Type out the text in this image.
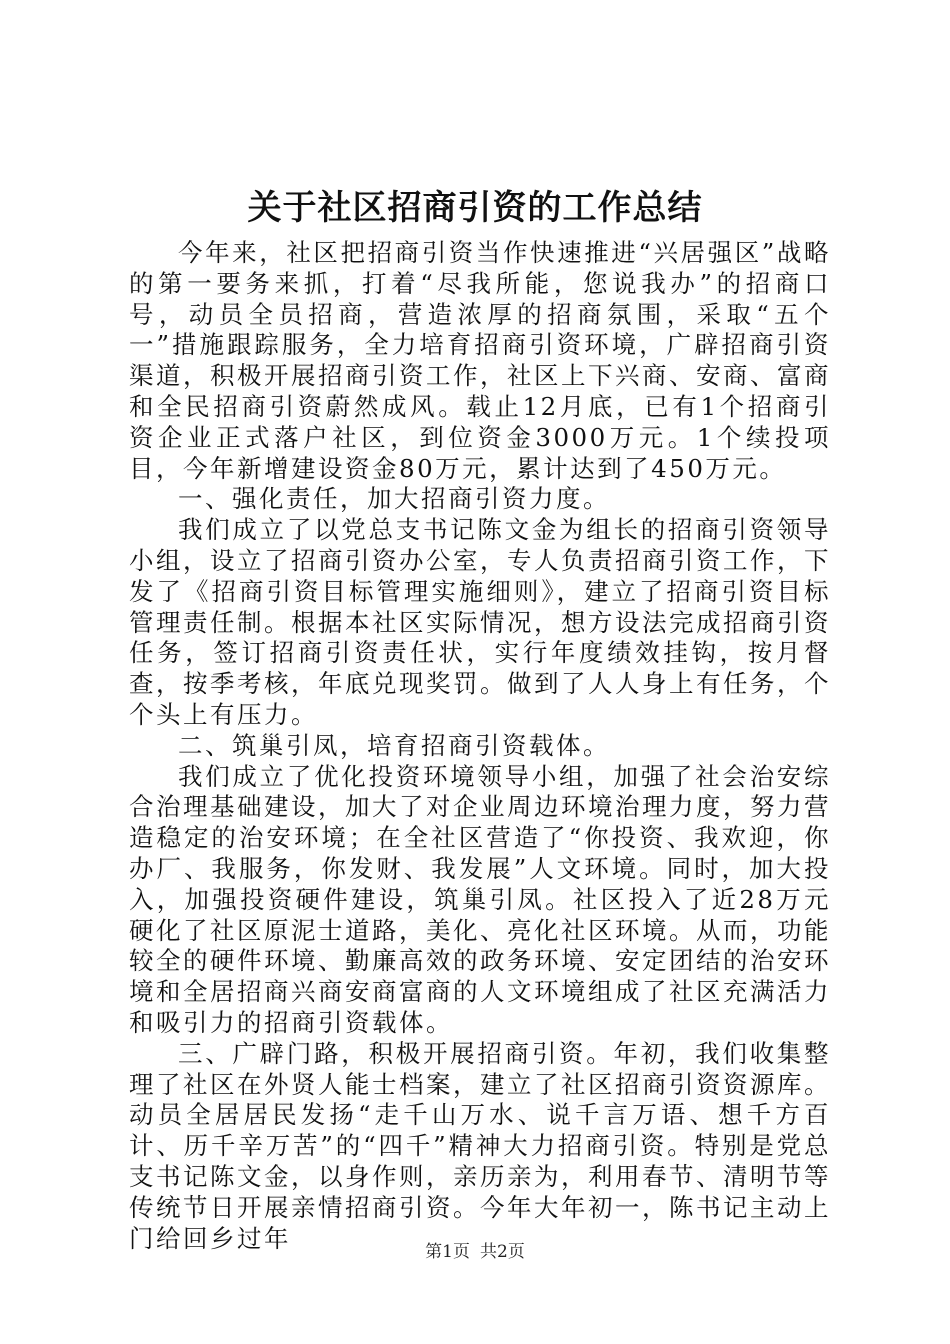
关于社区招商引资的工作总结

今年来，社区把招商引资当作快速推进“兴居强区”战略的第一要务来抓，打着“尽我所能，您说我办”的招商口号，动员全员招商，营造浓厚的招商氛围，采取“五个一”措施跟踪服务，全力培育招商引资环境，广辟招商引资渠道，积极开展招商引资工作，社区上下兴商、安商、富商和全民招商引资蔚然成风。载止12月底，已有1个招商引资企业正式落户社区，到位资金3000万元。1个续投项目，今年新增建设资金80万元，累计达到了450万元。

一、强化责任，加大招商引资力度。

我们成立了以党总支书记陈文金为组长的招商引资领导小组，设立了招商引资办公室，专人负责招商引资工作，下发了《招商引资目标管理实施细则》，建立了招商引资目标管理责任制。根据本社区实际情况，想方设法完成招商引资任务，签订招商引资责任状，实行年度绩效挂钩，按月督查，按季考核，年底兑现奖罚。做到了人人身上有任务，个个头上有压力。

二、筑巢引凤，培育招商引资载体。

我们成立了优化投资环境领导小组，加强了社会治安综合治理基础建设，加大了对企业周边环境治理力度，努力营造稳定的治安环境；在全社区营造了“你投资、我欢迎，你办厂、我服务，你发财、我发展”人文环境。同时，加大投入，加强投资硬件建设，筑巢引凤。社区投入了近28万元硬化了社区原泥士道路，美化、亮化社区环境。从而，功能较全的硬件环境、勤廉高效的政务环境、安定团结的治安环境和全居招商兴商安商富商的人文环境组成了社区充满活力和吸引力的招商引资载体。

三、广辟门路，积极开展招商引资。年初，我们收集整理了社区在外贤人能士档案，建立了社区招商引资资源库。动员全居居民发扬“走千山万水、说千言万语、想千方百计、历千辛万苦”的“四千”精神大力招商引资。特别是党总支书记陈文金，以身作则，亲历亲为，利用春节、清明节等传统节日开展亲情招商引资。今年大年初一，陈书记主动上门给回乡过年	第1页 共2页
